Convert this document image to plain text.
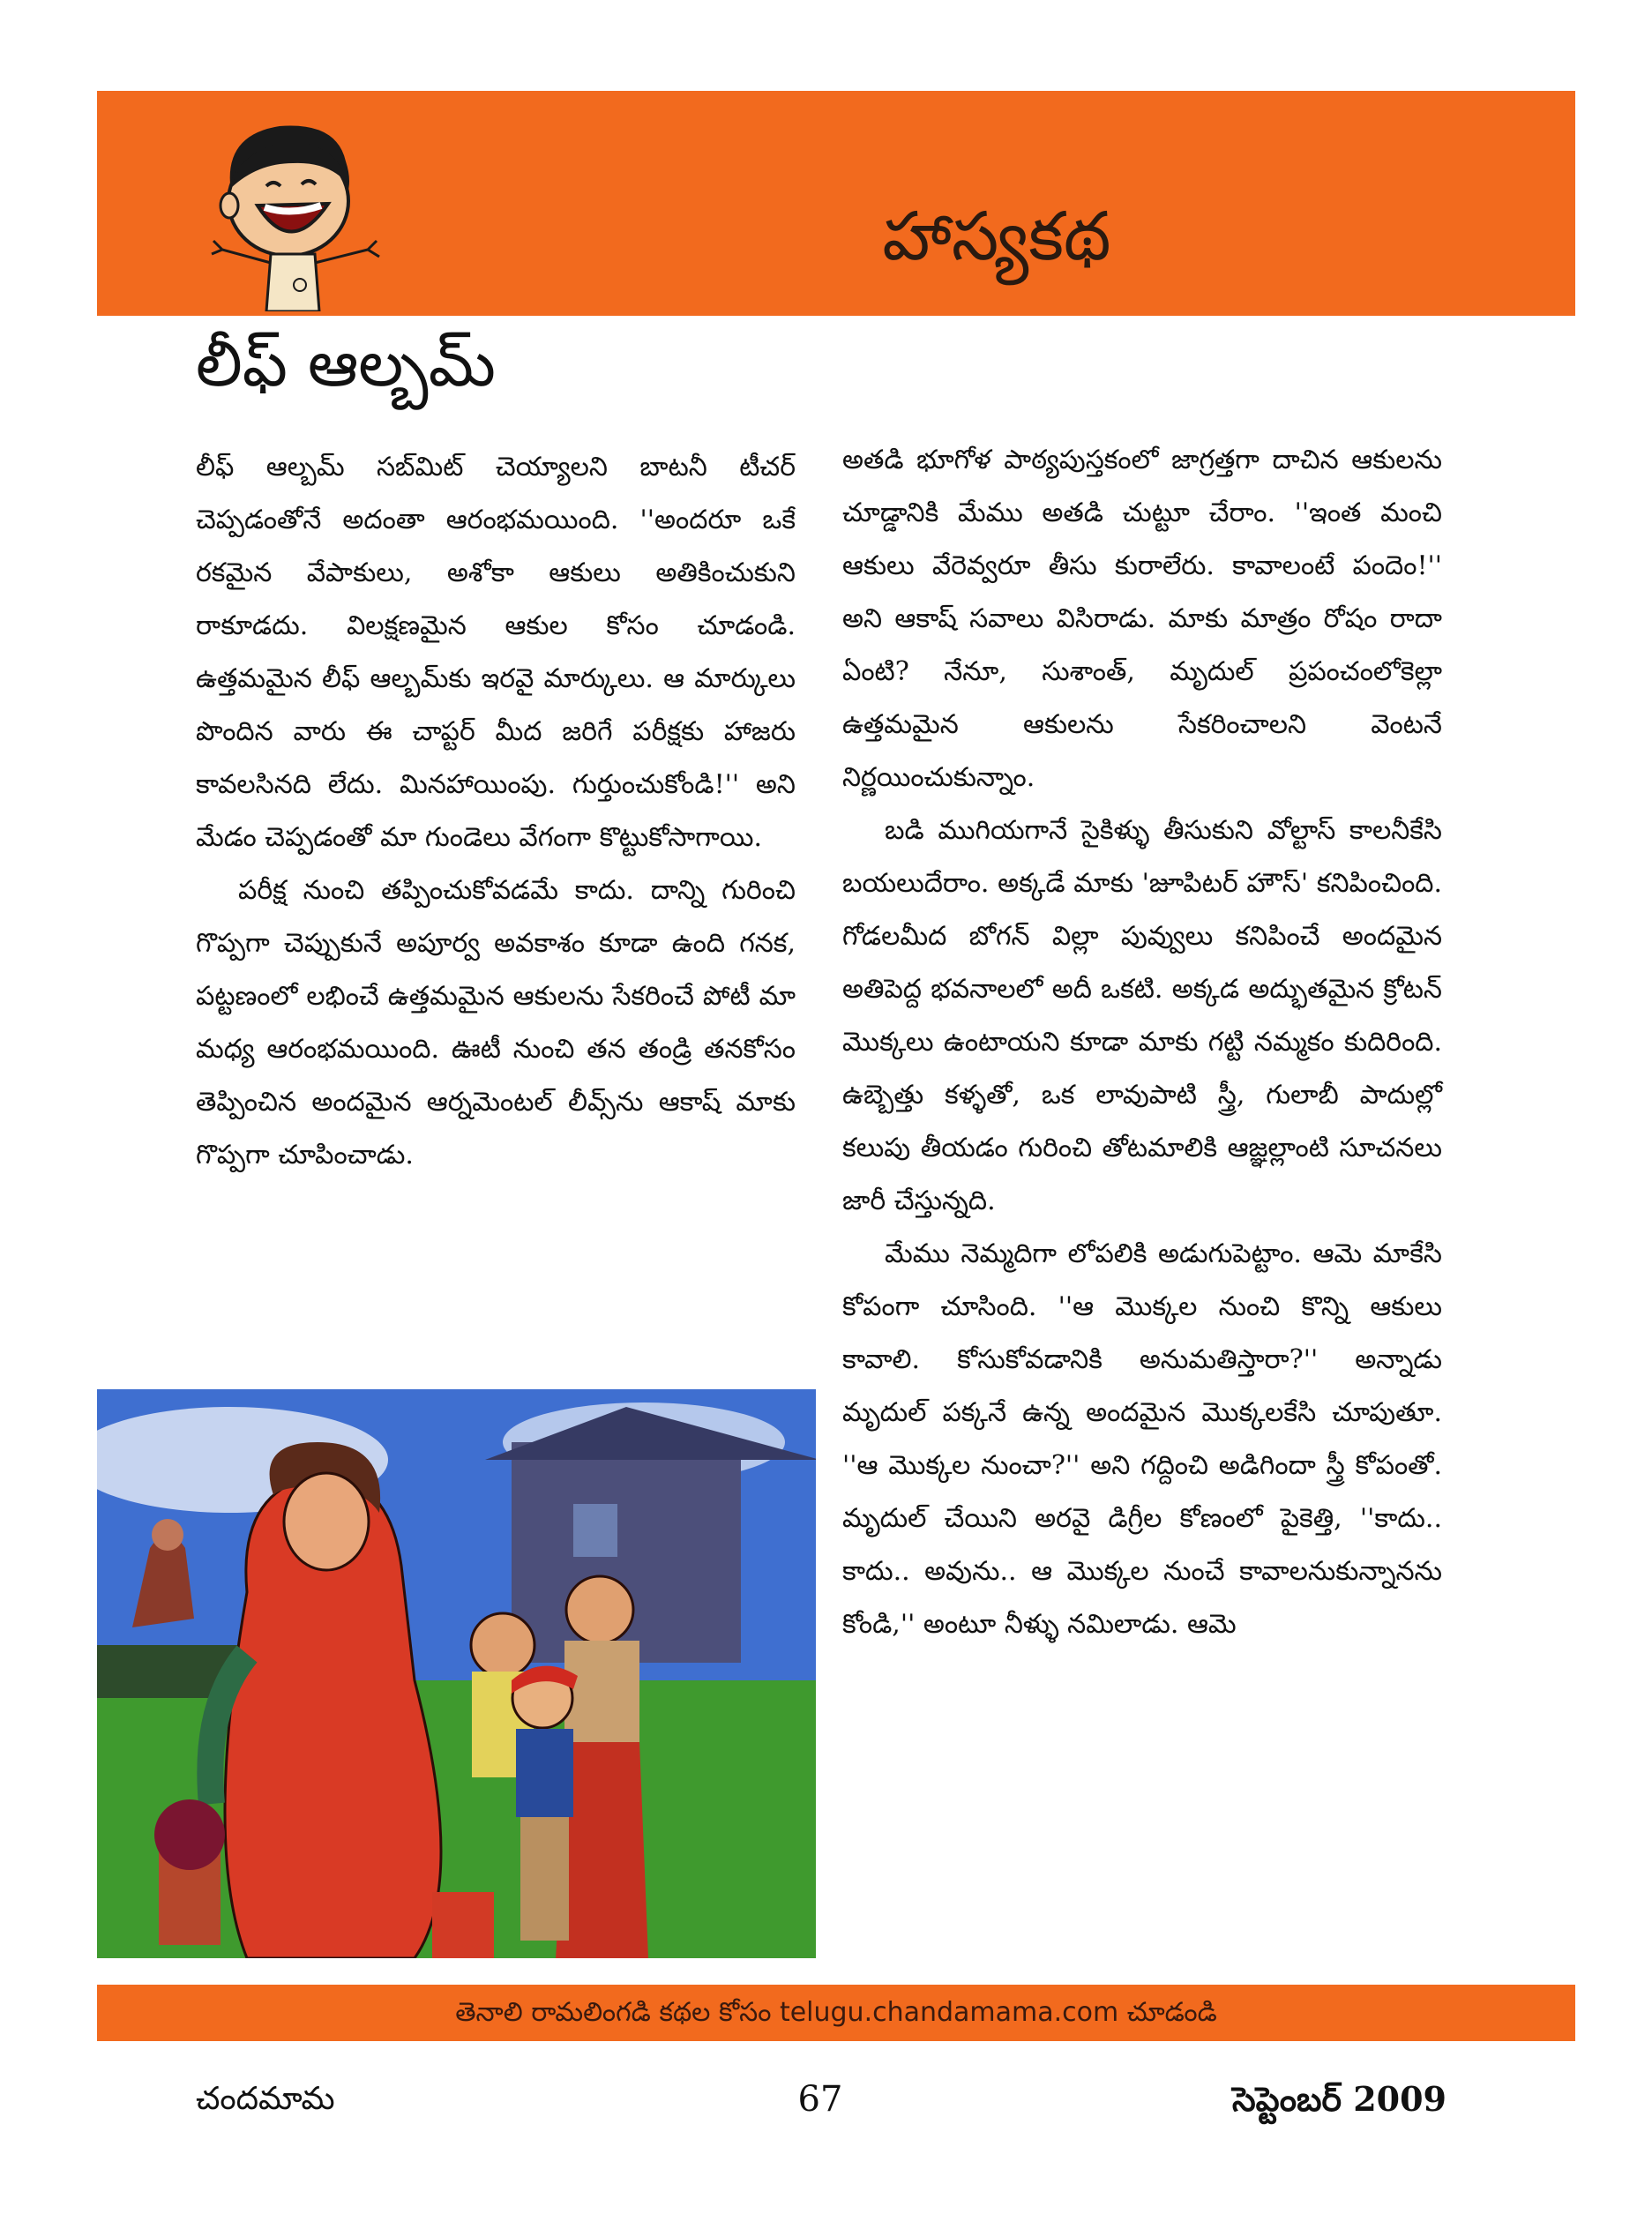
హాస్యకథ
లీఫ్ ఆల్బమ్

లీఫ్ ఆల్బమ్ సబ్‌మిట్ చెయ్యాలని బాటనీ టీచర్ చెప్పడంతోనే అదంతా ఆరంభమయింది. ''అందరూ ఒకే రకమైన వేపాకులు, అశోకా ఆకులు అతికించుకుని రాకూడదు. విలక్షణమైన ఆకుల కోసం చూడండి. ఉత్తమమైన లీఫ్ ఆల్బమ్‌కు ఇరవై మార్కులు. ఆ మార్కులు పొందిన వారు ఈ చాప్టర్ మీద జరిగే పరీక్షకు హాజరు కావలసినది లేదు. మినహాయింపు. గుర్తుంచుకోండి!'' అని మేడం చెప్పడంతో మా గుండెలు వేగంగా కొట్టుకోసాగాయి.

పరీక్ష నుంచి తప్పించుకోవడమే కాదు. దాన్ని గురించి గొప్పగా చెప్పుకునే అపూర్వ అవకాశం కూడా ఉంది గనక, పట్టణంలో లభించే ఉత్తమమైన ఆకులను సేకరించే పోటీ మా మధ్య ఆరంభమయింది. ఊటీ నుంచి తన తండ్రి తనకోసం తెప్పించిన అందమైన ఆర్నమెంటల్ లీవ్స్‌ను ఆకాష్ మాకు గొప్పగా చూపించాడు.

అతడి భూగోళ పాఠ్యపుస్తకంలో జాగ్రత్తగా దాచిన ఆకులను చూడ్డానికి మేము అతడి చుట్టూ చేరాం. ''ఇంత మంచి ఆకులు వేరెవ్వరూ తీసు కురాలేరు. కావాలంటే పందెం!'' అని ఆకాష్ సవాలు విసిరాడు. మాకు మాత్రం రోషం రాదా ఏంటి? నేనూ, సుశాంత్, మృదుల్ ప్రపంచంలోకెల్లా ఉత్తమమైన ఆకులను సేకరించాలని వెంటనే నిర్ణయించుకున్నాం.

బడి ముగియగానే సైకిళ్ళు తీసుకుని వోల్టాస్ కాలనీకేసి బయలుదేరాం. అక్కడే మాకు 'జూపిటర్ హౌస్' కనిపించింది. గోడలమీద బోగన్ విల్లా పువ్వులు కనిపించే అందమైన అతిపెద్ద భవనాలలో అదీ ఒకటి. అక్కడ అద్భుతమైన క్రోటన్ మొక్కలు ఉంటాయని కూడా మాకు గట్టి నమ్మకం కుదిరింది. ఉబ్బెత్తు కళ్ళతో, ఒక లావుపాటి స్త్రీ, గులాబీ పాదుల్లో కలుపు తీయడం గురించి తోటమాలికి ఆజ్ఞల్లాంటి సూచనలు జారీ చేస్తున్నది.

మేము నెమ్మదిగా లోపలికి అడుగుపెట్టాం. ఆమె మాకేసి కోపంగా చూసింది. ''ఆ మొక్కల నుంచి కొన్ని ఆకులు కావాలి. కోసుకోవడానికి అనుమతిస్తారా?'' అన్నాడు మృదుల్ పక్కనే ఉన్న అందమైన మొక్కలకేసి చూపుతూ. ''ఆ మొక్కల నుంచా?'' అని గద్దించి అడిగిందా స్త్రీ కోపంతో. మృదుల్ చేయిని అరవై డిగ్రీల కోణంలో పైకెత్తి, ''కాదు.. కాదు.. అవును.. ఆ మొక్కల నుంచే కావాలనుకున్నానను కోండి,'' అంటూ నీళ్ళు నమిలాడు. ఆమె

తెనాలి రామలింగడి కథల కోసం telugu.chandamama.com చూడండి
చందమామ	67	సెప్టెంబర్ 2009
